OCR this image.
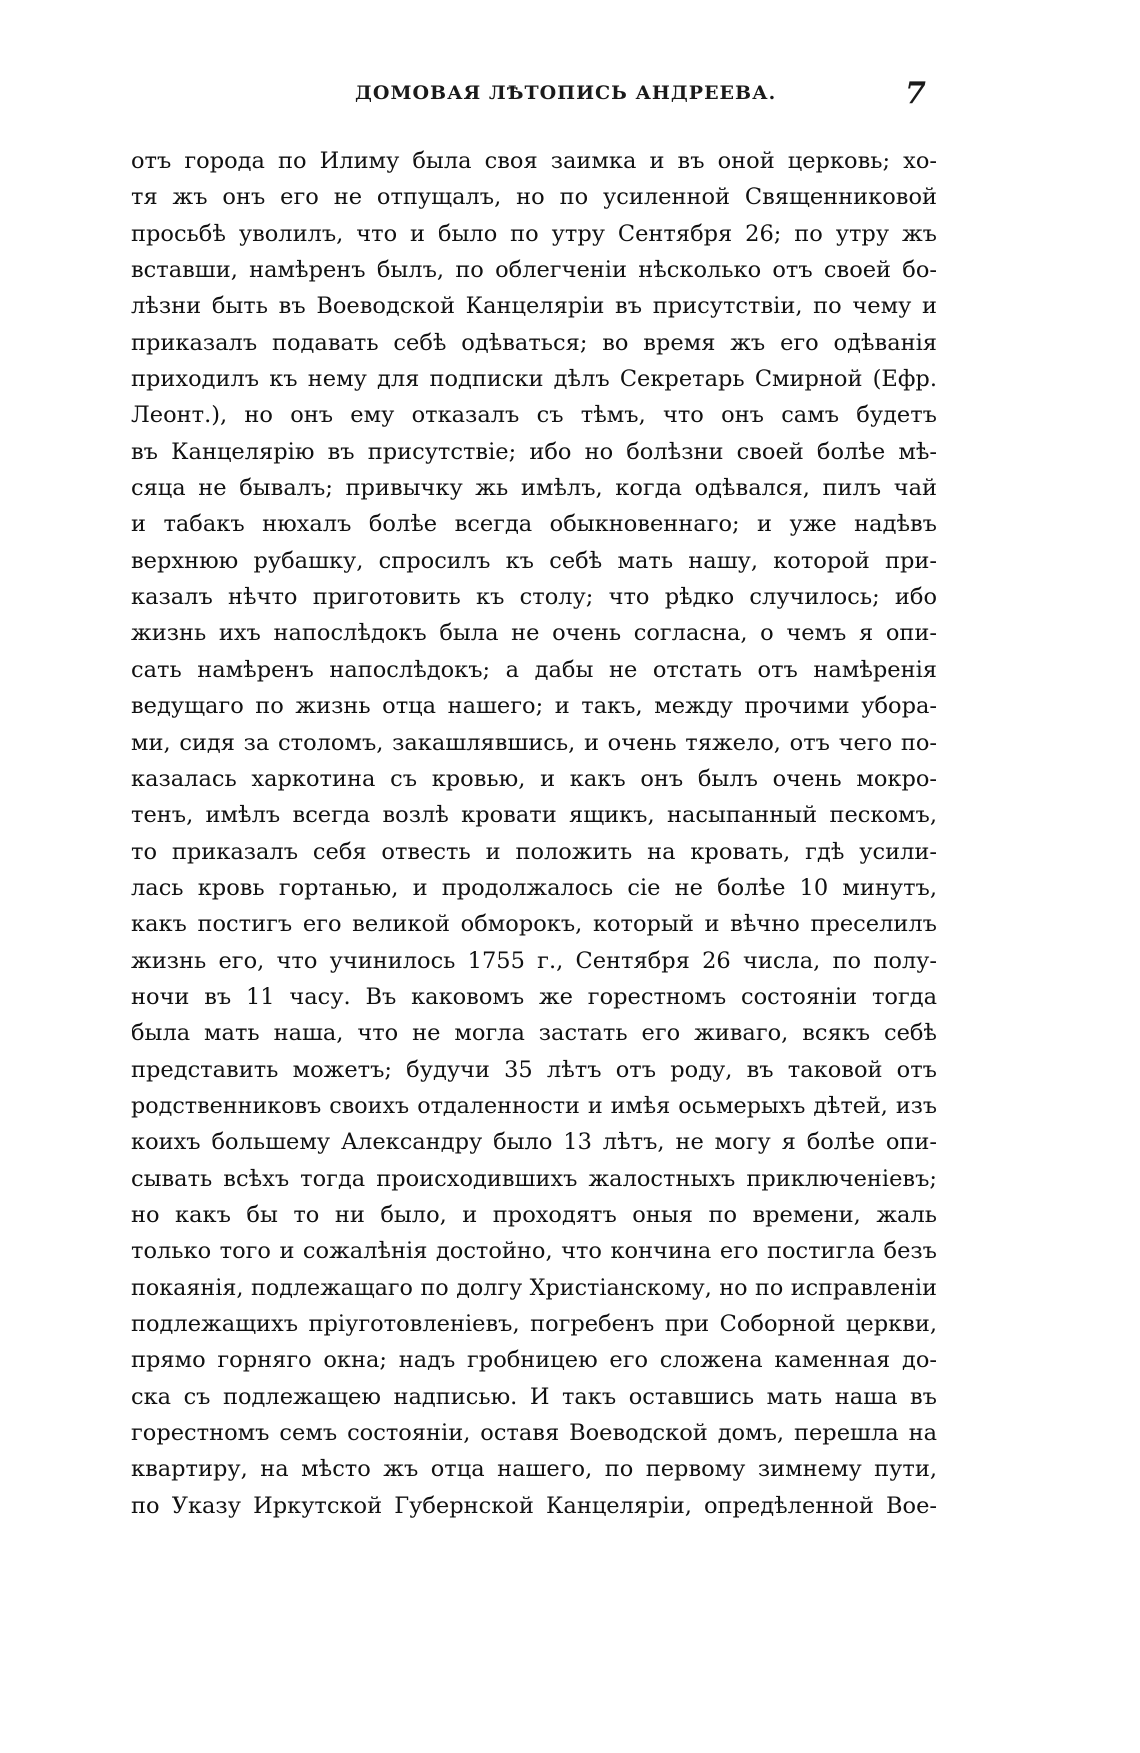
ДОМОВАЯ ЛѢТОПИСЬ АНДРЕЕВА.	7
отъ города по Илиму была своя заимка и въ оной церковь; хо-
тя жъ онъ его не отпущалъ, но по усиленной Священниковой
просьбѣ уволилъ, что и было по утру Сентября 26; по утру жъ
вставши, намѣренъ былъ, по облегченіи нѣсколько отъ своей бо-
лѣзни быть въ Воеводской Канцеляріи въ присутствіи, по чему и
приказалъ подавать себѣ одѣваться; во время жъ его одѣванія
приходилъ къ нему для подписки дѣлъ Секретарь Смирной (Ефр.
Леонт.), но онъ ему отказалъ съ тѣмъ, что онъ самъ будетъ
въ Канцелярію въ присутствіе; ибо но болѣзни своей болѣе мѣ-
сяца не бывалъ; привычку жь имѣлъ, когда одѣвался, пилъ чай
и табакъ нюхалъ болѣе всегда обыкновеннаго; и уже надѣвъ
верхнюю рубашку, спросилъ къ себѣ мать нашу, которой при-
казалъ нѣчто приготовить къ столу; что рѣдко случилось; ибо
жизнь ихъ напослѣдокъ была не очень согласна, о чемъ я опи-
сать намѣренъ напослѣдокъ; а дабы не отстать отъ намѣренія
ведущаго по жизнь отца нашего; и такъ, между прочими убора-
ми, сидя за столомъ, закашлявшись, и очень тяжело, отъ чего по-
казалась харкотина съ кровью, и какъ онъ былъ очень мокро-
тенъ, имѣлъ всегда возлѣ кровати ящикъ, насыпанный пескомъ,
то приказалъ себя отвесть и положить на кровать, гдѣ усили-
лась кровь гортанью, и продолжалось сіе не болѣе 10 минутъ,
какъ постигъ его великой обморокъ, который и вѣчно преселилъ
жизнь его, что учинилось 1755 г., Сентября 26 числа, по полу-
ночи въ 11 часу. Въ каковомъ же горестномъ состояніи тогда
была мать наша, что не могла застать его живаго, всякъ себѣ
представить можетъ; будучи 35 лѣтъ отъ роду, въ таковой отъ
родственниковъ своихъ отдаленности и имѣя осьмерыхъ дѣтей, изъ
коихъ большему Александру было 13 лѣтъ, не могу я болѣе опи-
сывать всѣхъ тогда происходившихъ жалостныхъ приключеніевъ;
но какъ бы то ни было, и проходятъ оныя по времени, жаль
только того и сожалѣнія достойно, что кончина его постигла безъ
покаянія, подлежащаго по долгу Христіанскому, но по исправленіи
подлежащихъ пріуготовленіевъ, погребенъ при Соборной церкви,
прямо горняго окна; надъ гробницею его сложена каменная до-
ска съ подлежащею надписью. И такъ оставшись мать наша въ
горестномъ семъ состояніи, оставя Воеводской домъ, перешла на
квартиру, на мѣсто жъ отца нашего, по первому зимнему пути,
по Указу Иркутской Губернской Канцеляріи, опредѣленной Вое-
